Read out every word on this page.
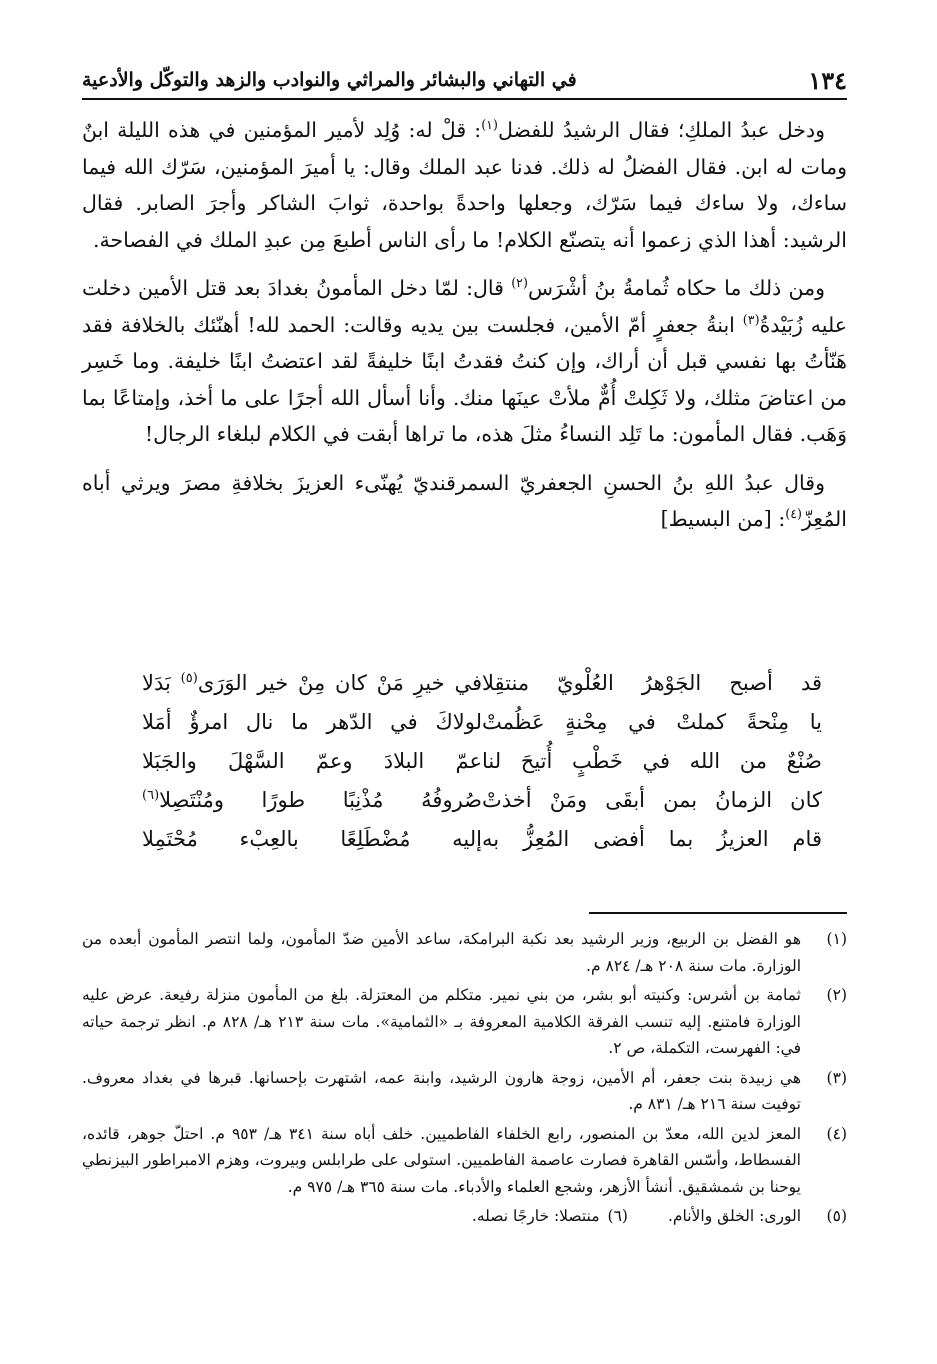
١٣٤
في التهاني والبشائر والمراثي والنوادب والزهد والتوكّل والأدعية

ودخل عبدُ الملكِ؛ فقال الرشيدُ للفضل$^{(١)}$: قلْ له: وُلِد لأمير المؤمنين في هذه الليلة ابنٌ ومات له ابن. فقال الفضلُ له ذلك. فدنا عبد الملك وقال: يا أميرَ المؤمنين، سَرّك الله فيما ساءك، ولا ساءك فيما سَرّك، وجعلها واحدةً بواحدة، ثوابَ الشاكر وأجرَ الصابر. فقال الرشيد: أهذا الذي زعموا أنه يتصنّع الكلام! ما رأى الناس أطبعَ مِن عبدِ الملك في الفصاحة.

ومن ذلك ما حكاه ثُمامةُ بنُ أشْرَس$^{(٢)}$ قال: لمّا دخل المأمونُ بغدادَ بعد قتل الأمين دخلت عليه زُبَيْدةُ$^{(٣)}$ ابنةُ جعفرٍ أمّ الأمين، فجلست بين يديه وقالت: الحمد لله! أهنّئك بالخلافة فقد هَنّأتُ بها نفسي قبل أن أراك، وإن كنتُ فقدتُ ابنًا خليفةً لقد اعتضتُ ابنًا خليفة. وما خَسِر من اعتاضَ مثلك، ولا ثَكِلتْ أُمٌّ ملأتْ عينَها منك. وأنا أسأل الله أجرًا على ما أخذ، وإمتاعًا بما وَهَب. فقال المأمون: ما تَلِد النساءُ مثلَ هذه، ما تراها أبقت في الكلام لبلغاء الرجال!

وقال عبدُ اللهِ بنُ الحسنِ الجعفريّ السمرقنديّ يُهنّىء العزيزَ بخلافةِ مصرَ ويرثي أباه المُعِزّ$^{(٤)}$: [من البسيط]

قد أصبح الجَوْهرُ العُلْويّ منتقِلا
في خيرِ مَنْ كان مِنْ خير الوَرَى$^{(٥)}$ بَدَلا
يا مِنْحةً كملتْ في مِحْنةٍ عَظُمتْ
لولاكَ في الدّهر ما نال امرؤٌ أمَلا
صُنْعٌ من الله في خَطْبٍ أُتيحَ لنا
عمّ البلادَ وعمّ السَّهْلَ والجَبَلا
كان الزمانُ بمن أبقَى ومَنْ أخذتْ
صُروفُهُ مُذْنِبًا طورًا ومُنْتَصِلا$^{(٦)}$
قام العزيزُ بما أفضى المُعِزُّ به
إليه مُضْطَلِعًا بالعِبْء مُحْتَمِلا
(١)
هو الفضل بن الربيع، وزير الرشيد بعد نكبة البرامكة، ساعد الأمين ضدّ المأمون، ولما انتصر المأمون أبعده من الوزارة. مات سنة ٢٠٨ هـ/ ٨٢٤ م.
(٢)
ثمامة بن أشرس: وكنيته أبو بشر، من بني نمير. متكلم من المعتزلة. بلغ من المأمون منزلة رفيعة. عرض عليه الوزارة فامتنع. إليه تنسب الفرقة الكلامية المعروفة بـ «الثمامية». مات سنة ٢١٣ هـ/ ٨٢٨ م. انظر ترجمة حياته في: الفهرست، التكملة، ص ٢.
(٣)
هي زبيدة بنت جعفر، أم الأمين، زوجة هارون الرشيد، وابنة عمه، اشتهرت بإحسانها. قبرها في بغداد معروف. توفيت سنة ٢١٦ هـ/ ٨٣١ م.
(٤)
المعز لدين الله، معدّ بن المنصور، رابع الخلفاء الفاطميين. خلف أباه سنة ٣٤١ هـ/ ٩٥٣ م. احتلّ جوهر، قائده، الفسطاط، وأسّس القاهرة فصارت عاصمة الفاطميين. استولى على طرابلس وبيروت، وهزم الامبراطور البيزنطي يوحنا بن شمشقيق. أنشأ الأزهر، وشجع العلماء والأدباء. مات سنة ٣٦٥ هـ/ ٩٧٥ م.
(٥)
الورى: الخلق والأنام.
(٦)
منتصلا: خارجًا نصله.
